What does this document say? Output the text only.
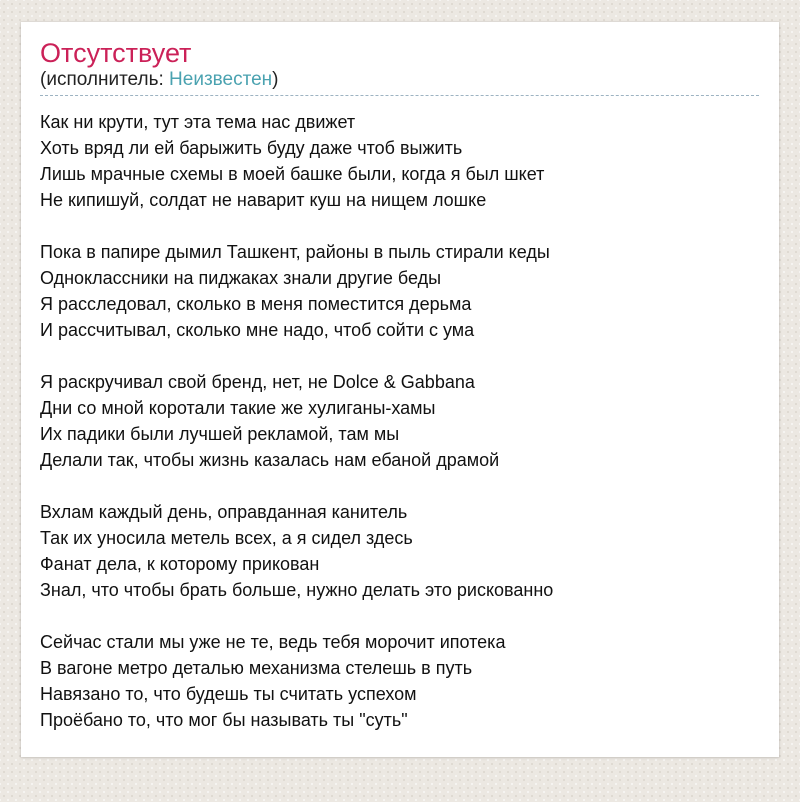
Отсутствует
(исполнитель: Неизвестен)

Как ни крути, тут эта тема нас движет
Хоть вряд ли ей барыжить буду даже чтоб выжить
Лишь мрачные схемы в моей башке были, когда я был шкет
Не кипишуй, солдат не наварит куш на нищем лошке

Пока в папире дымил Ташкент, районы в пыль стирали кеды
Одноклассники на пиджаках знали другие беды
Я расследовал, сколько в меня поместится дерьма
И рассчитывал, сколько мне надо, чтоб сойти с ума

Я раскручивал свой бренд, нет, не Dolce & Gabbana
Дни со мной коротали такие же хулиганы-хамы
Их падики были лучшей рекламой, там мы
Делали так, чтобы жизнь казалась нам ебаной драмой

Вхлам каждый день, оправданная канитель
Так их уносила метель всех, а я сидел здесь
Фанат дела, к которому прикован
Знал, что чтобы брать больше, нужно делать это рискованно

Сейчас стали мы уже не те, ведь тебя морочит ипотека
В вагоне метро деталью механизма стелешь в путь
Навязано то, что будешь ты считать успехом
Проёбано то, что мог бы называть ты "суть"
